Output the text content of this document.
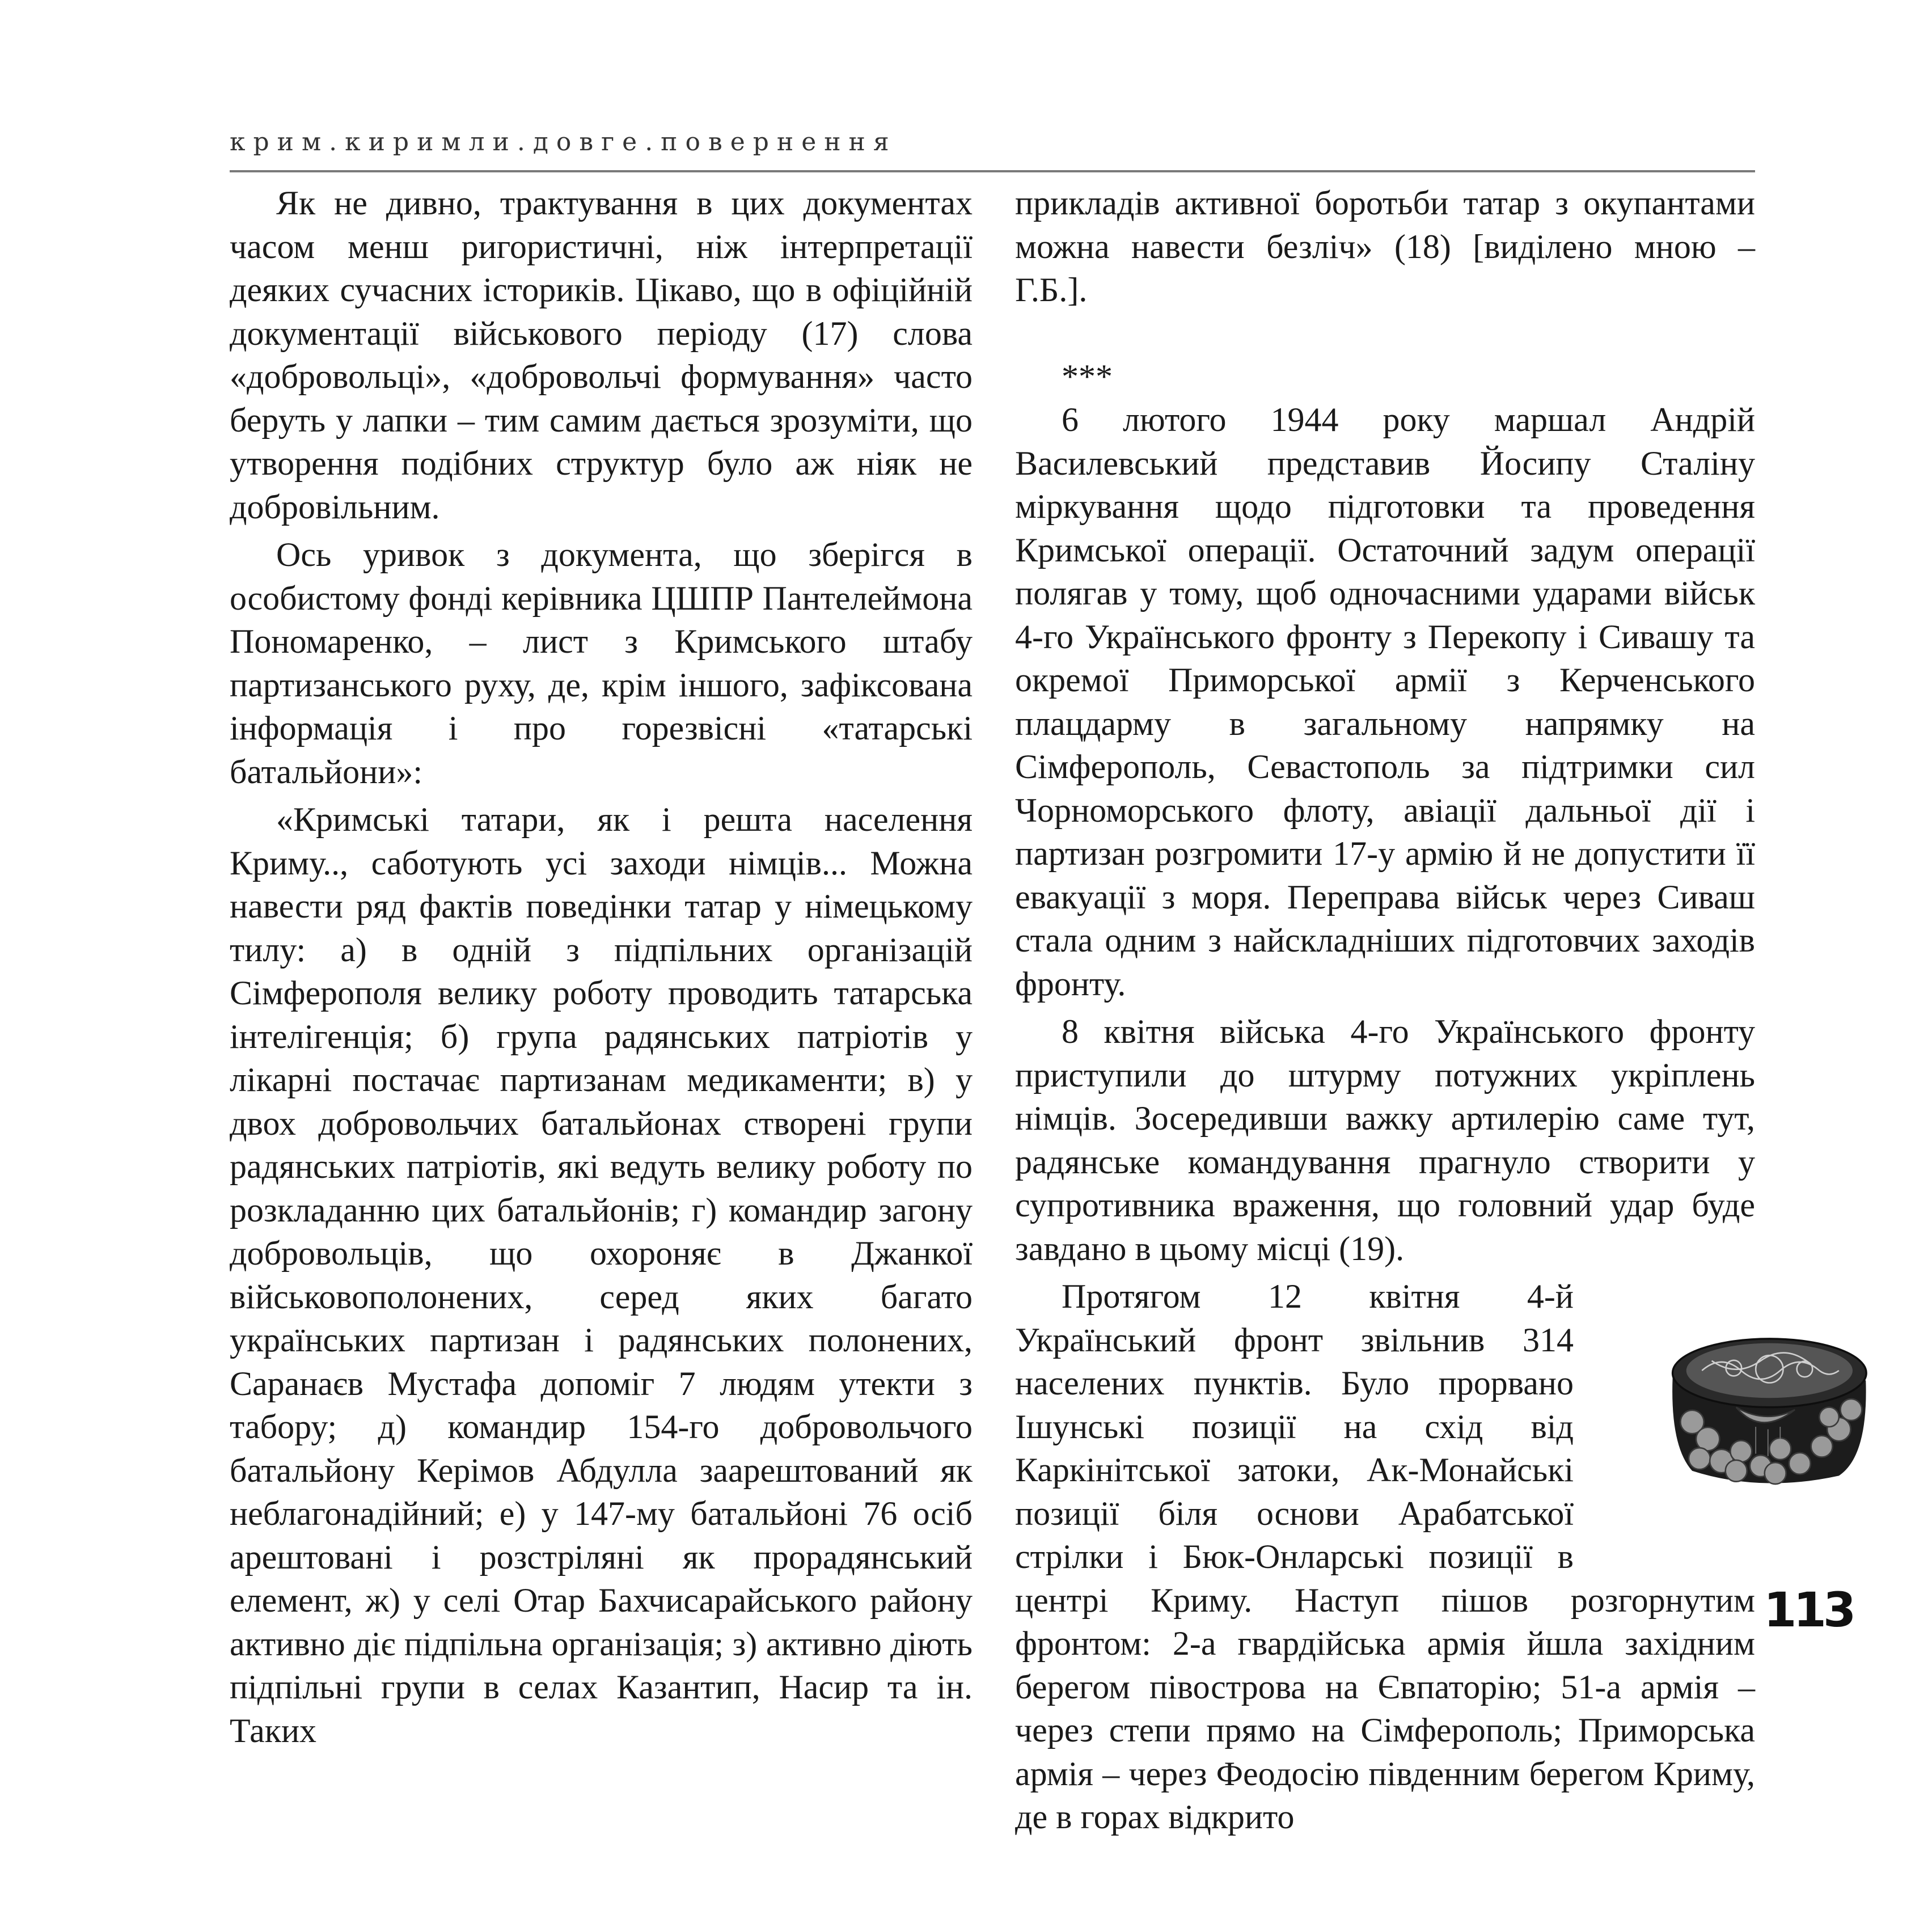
к р и м . к и р и м л и . д о в г е . п о в е р н е н н я

Як не дивно, трактування в цих документах часом менш ригористичні, ніж інтерпретації деяких сучасних істориків. Цікаво, що в офіційній документації військового періоду (17) слова «добровольці», «добровольчі формування» часто беруть у лапки – тим самим дається зрозуміти, що утворення подібних структур було аж ніяк не добровільним.

Ось уривок з документа, що зберігся в особистому фонді керівника ЦШПР Пантелеймона Пономаренко, – лист з Кримського штабу партизанського руху, де, крім іншого, зафіксована інформація і про горезвісні «татарські батальйони»:

«Кримські татари, як і решта населення Криму.., саботують усі заходи німців... Можна навести ряд фактів поведінки татар у німецькому тилу: а) в одній з підпільних організацій Сімферополя велику роботу проводить татарська інтелігенція; б) група радянських патріотів у лікарні постачає партизанам медикаменти; в) у двох добровольчих батальйонах створені групи радянських патріотів, які ведуть велику роботу по розкладанню цих батальйонів; г) командир загону добровольців, що охороняє в Джанкої військовополонених, серед яких багато українських партизан і радянських полонених, Саранаєв Мустафа допоміг 7 людям утекти з табору; д) командир 154-го добровольчого батальйону Керімов Абдулла заарештований як неблагонадійний; е) у 147-му батальйоні 76 осіб арештовані і розстріляні як прорадянський елемент, ж) у селі Отар Бахчисарайського району активно діє підпільна організація; з) активно діють підпільні групи в селах Казантип, Насир та ін. Таких

прикладів активної боротьби татар з окупантами можна навести безліч» (18) [виділено мною – Г.Б.].

***

6 лютого 1944 року маршал Андрій Василевський представив Йосипу Сталіну міркування щодо підготовки та проведення Кримської операції. Остаточний задум операції полягав у тому, щоб одночасними ударами військ 4-го Українського фронту з Перекопу і Сивашу та окремої Приморської армії з Керченського плацдарму в загальному напрямку на Сімферополь, Севастополь за підтримки сил Чорноморського флоту, авіації дальньої дії і партизан розгромити 17-у армію й не допустити її евакуації з моря. Переправа військ через Сиваш стала одним з найскладніших підготовчих заходів фронту.

8 квітня війська 4-го Українського фронту приступили до штурму потужних укріплень німців. Зосередивши важку артилерію саме тут, радянське командування прагнуло створити у супротивника враження, що головний удар буде завдано в цьому місці (19).

Протягом 12 квітня 4-й Український фронт звільнив 314 населених пунктів. Було прорвано Ішунські позиції на схід від Каркінітської затоки, Ак-Монайські позиції біля основи Арабатської стрілки і Бюк-Онларські позиції в центрі Криму. Наступ пішов розгорнутим фронтом: 2-а гвардійська армія йшла західним берегом півострова на Євпаторію; 51-а армія – через степи прямо на Сімферополь; Приморська армія – через Феодосію південним берегом Криму, де в горах відкрито

113
